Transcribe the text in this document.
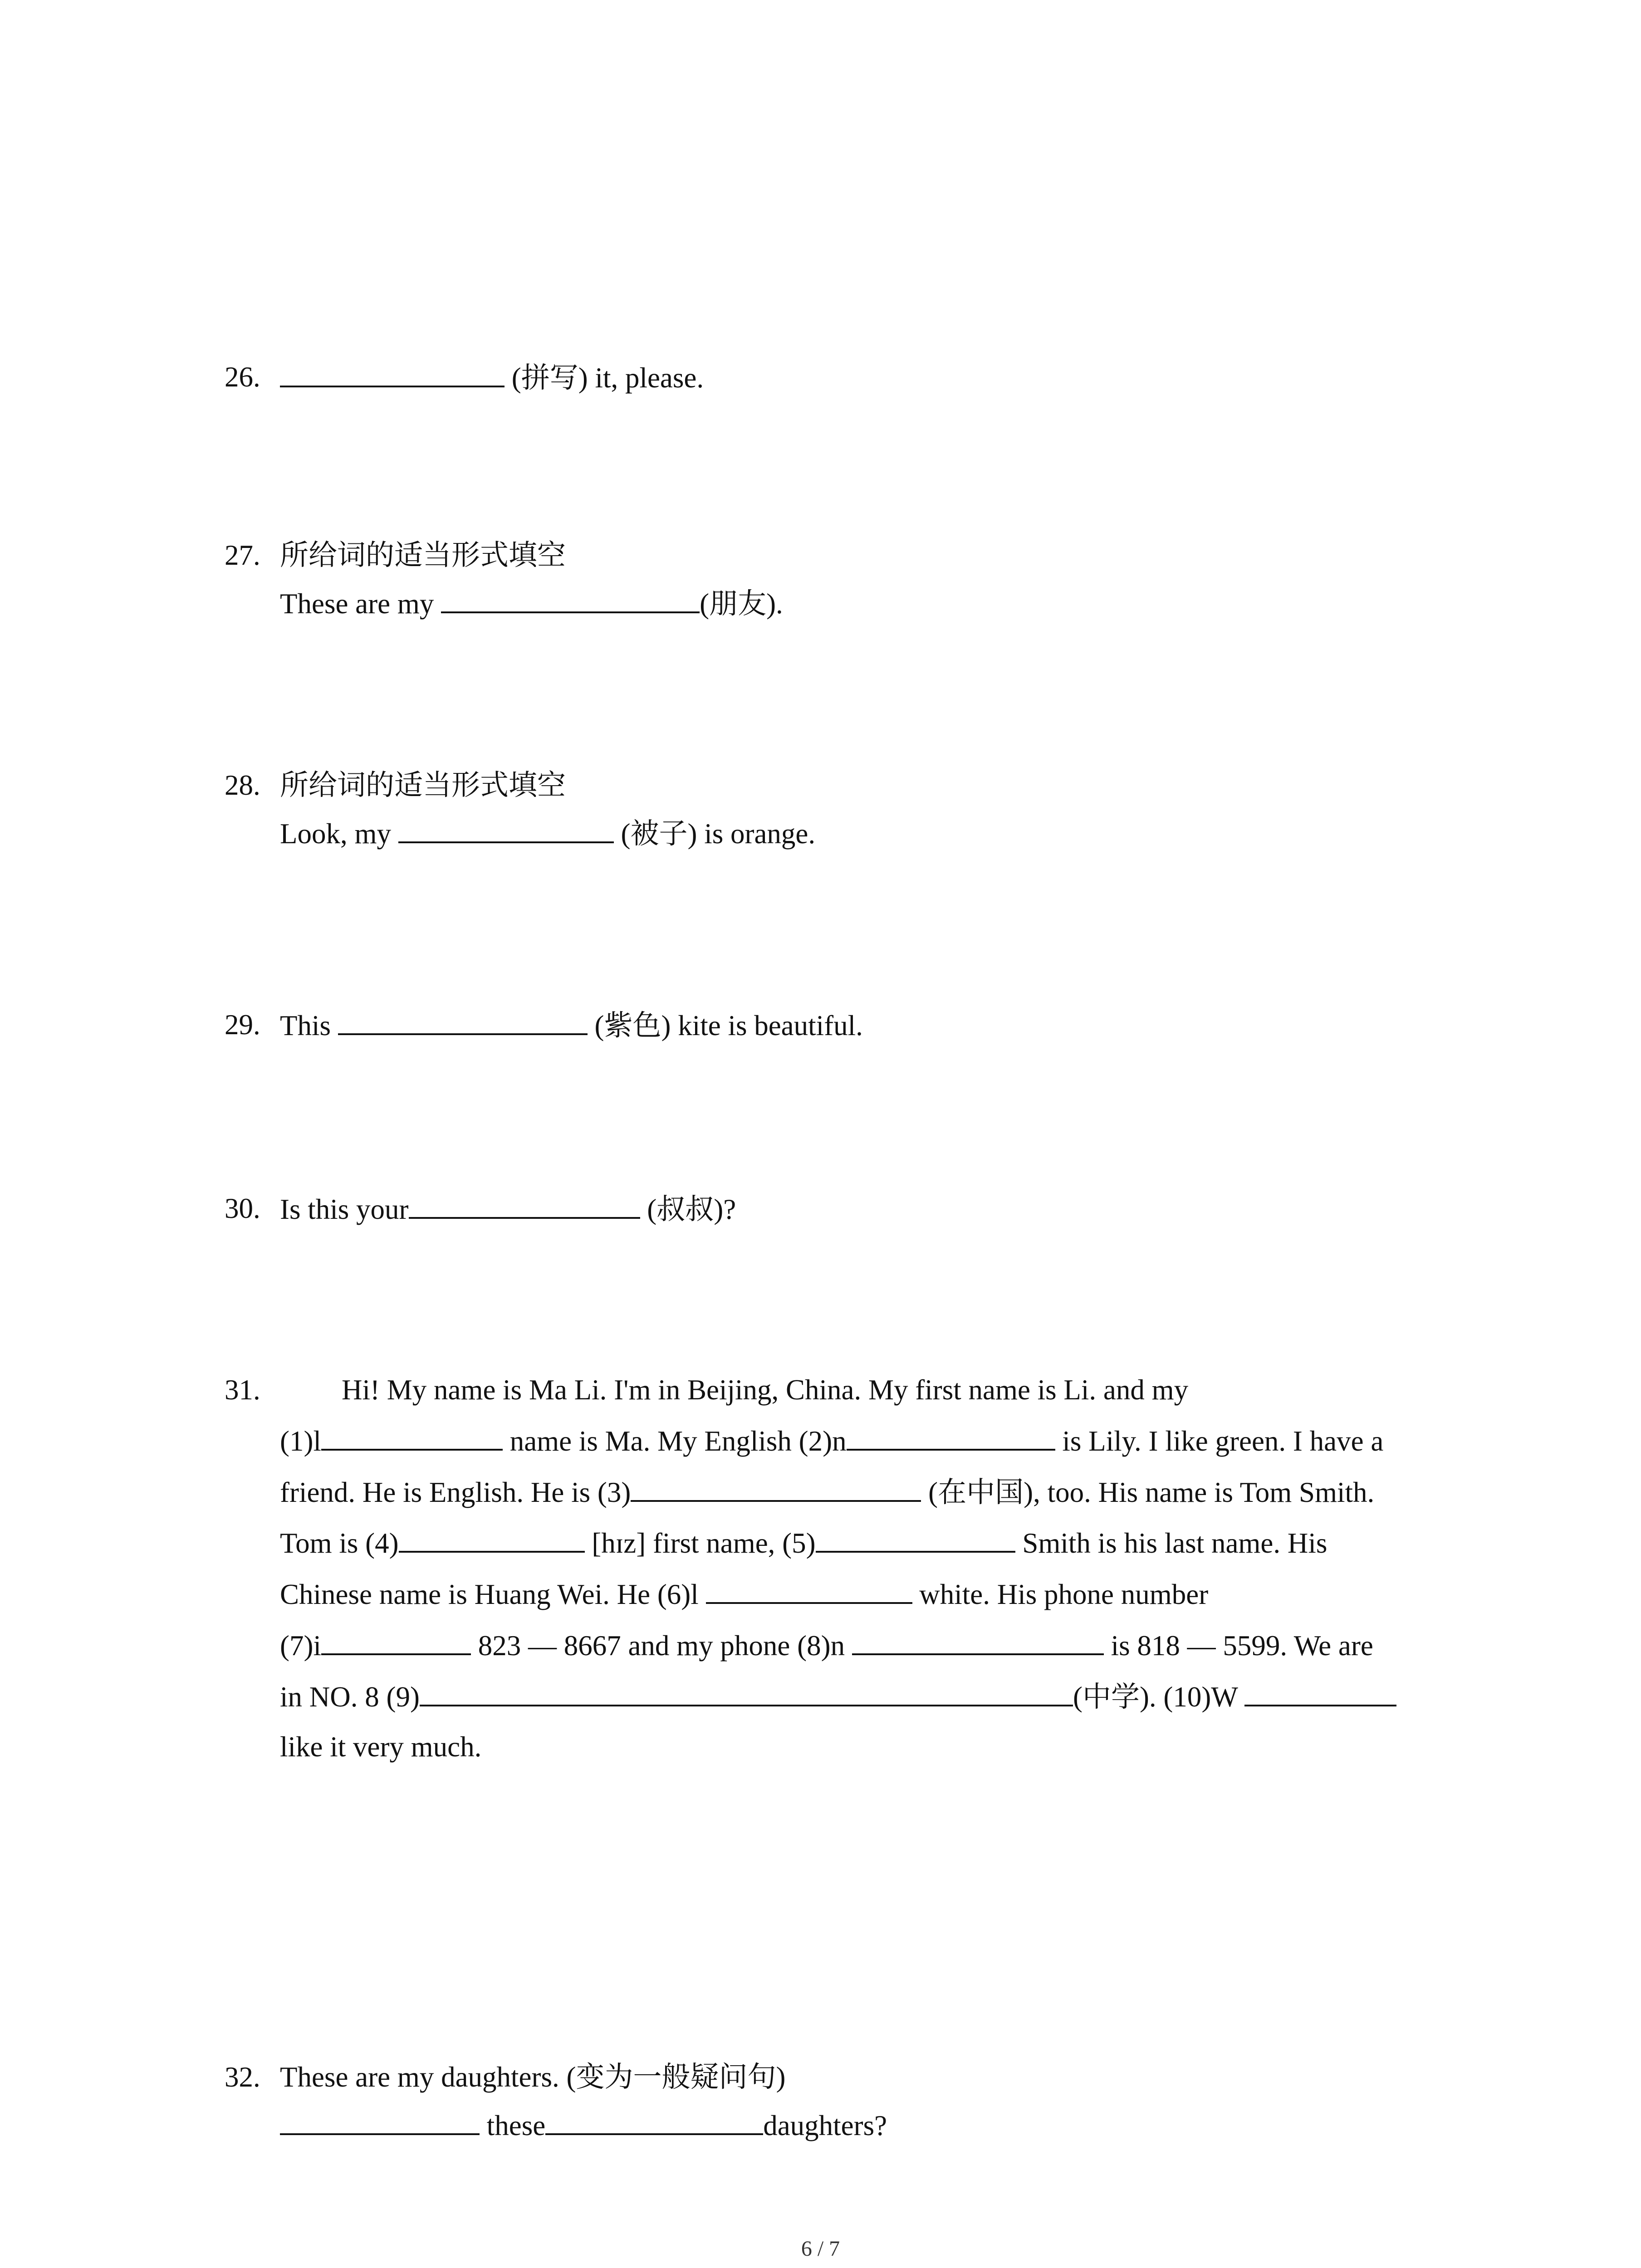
26.	(拼写) it, please.
27. 所给词的适当形式填空
These are my	(朋友).
28. 所给词的适当形式填空
Look, my	(被子) is orange.
29. This	(紫色) kite is beautiful.
30. Is this your	(叔叔)?
31.	Hi! My name is Ma Li. I'm in Beijing, China. My first name is Li. and my
(1)l	name is Ma. My English (2)n	is Lily. I like green. I have a
friend. He is English. He is (3)	(在中国), too. His name is Tom Smith.
Tom is (4)	[hɪz] first name, (5)	Smith is his last name. His
Chinese name is Huang Wei. He (6)l	white. His phone number
(7)i	823 — 8667 and my phone (8)n	is 818 — 5599. We are
in NO. 8 (9)	(中学). (10)W
like it very much.
32. These are my daughters. (变为一般疑问句)
these	daughters?
6 / 7
